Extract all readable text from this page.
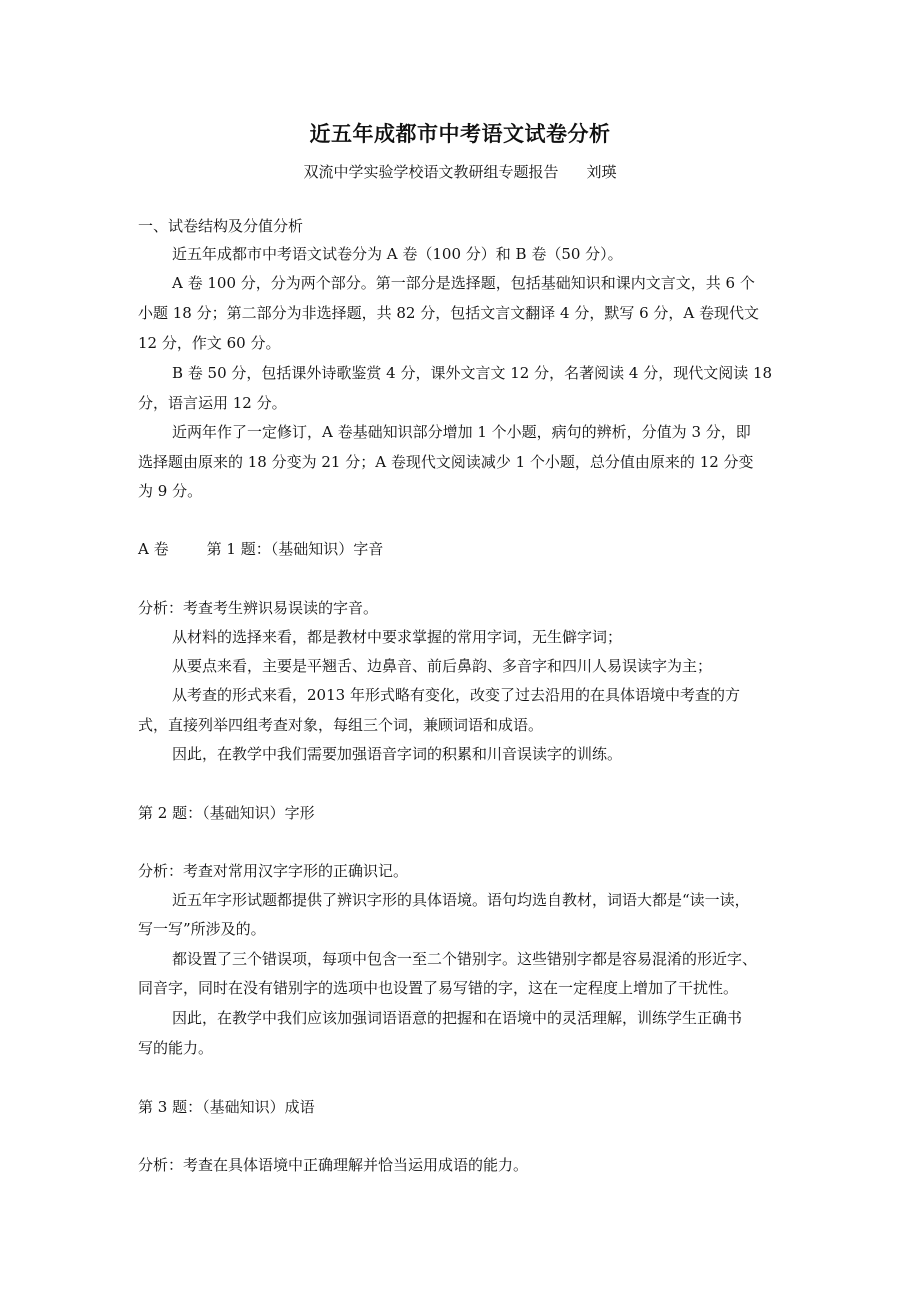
近五年成都市中考语文试卷分析
双流中学实验学校语文教研组专题报告 刘瑛
一、试卷结构及分值分析
近五年成都市中考语文试卷分为 A 卷（100 分）和 B 卷（50 分）。
A 卷 100 分，分为两个部分。第一部分是选择题，包括基础知识和课内文言文，共 6 个
小题 18 分；第二部分为非选择题，共 82 分，包括文言文翻译 4 分，默写 6 分，A 卷现代文
12 分，作文 60 分。
B 卷 50 分，包括课外诗歌鉴赏 4 分，课外文言文 12 分，名著阅读 4 分，现代文阅读 18
分，语言运用 12 分。
近两年作了一定修订，A 卷基础知识部分增加 1 个小题，病句的辨析，分值为 3 分，即
选择题由原来的 18 分变为 21 分；A 卷现代文阅读减少 1 个小题，总分值由原来的 12 分变
为 9 分。
A 卷	第 1 题：（基础知识）字音
分析：考查考生辨识易误读的字音。
从材料的选择来看，都是教材中要求掌握的常用字词，无生僻字词；
从要点来看，主要是平翘舌、边鼻音、前后鼻韵、多音字和四川人易误读字为主；
从考查的形式来看，2013 年形式略有变化，改变了过去沿用的在具体语境中考查的方
式，直接列举四组考查对象，每组三个词，兼顾词语和成语。
因此，在教学中我们需要加强语音字词的积累和川音误读字的训练。
第 2 题：（基础知识）字形
分析：考查对常用汉字字形的正确识记。
近五年字形试题都提供了辨识字形的具体语境。语句均选自教材，词语大都是“读一读，
写一写”所涉及的。
都设置了三个错误项，每项中包含一至二个错别字。这些错别字都是容易混淆的形近字、
同音字，同时在没有错别字的选项中也设置了易写错的字，这在一定程度上增加了干扰性。
因此，在教学中我们应该加强词语语意的把握和在语境中的灵活理解，训练学生正确书
写的能力。
第 3 题：（基础知识）成语
分析：考查在具体语境中正确理解并恰当运用成语的能力。
